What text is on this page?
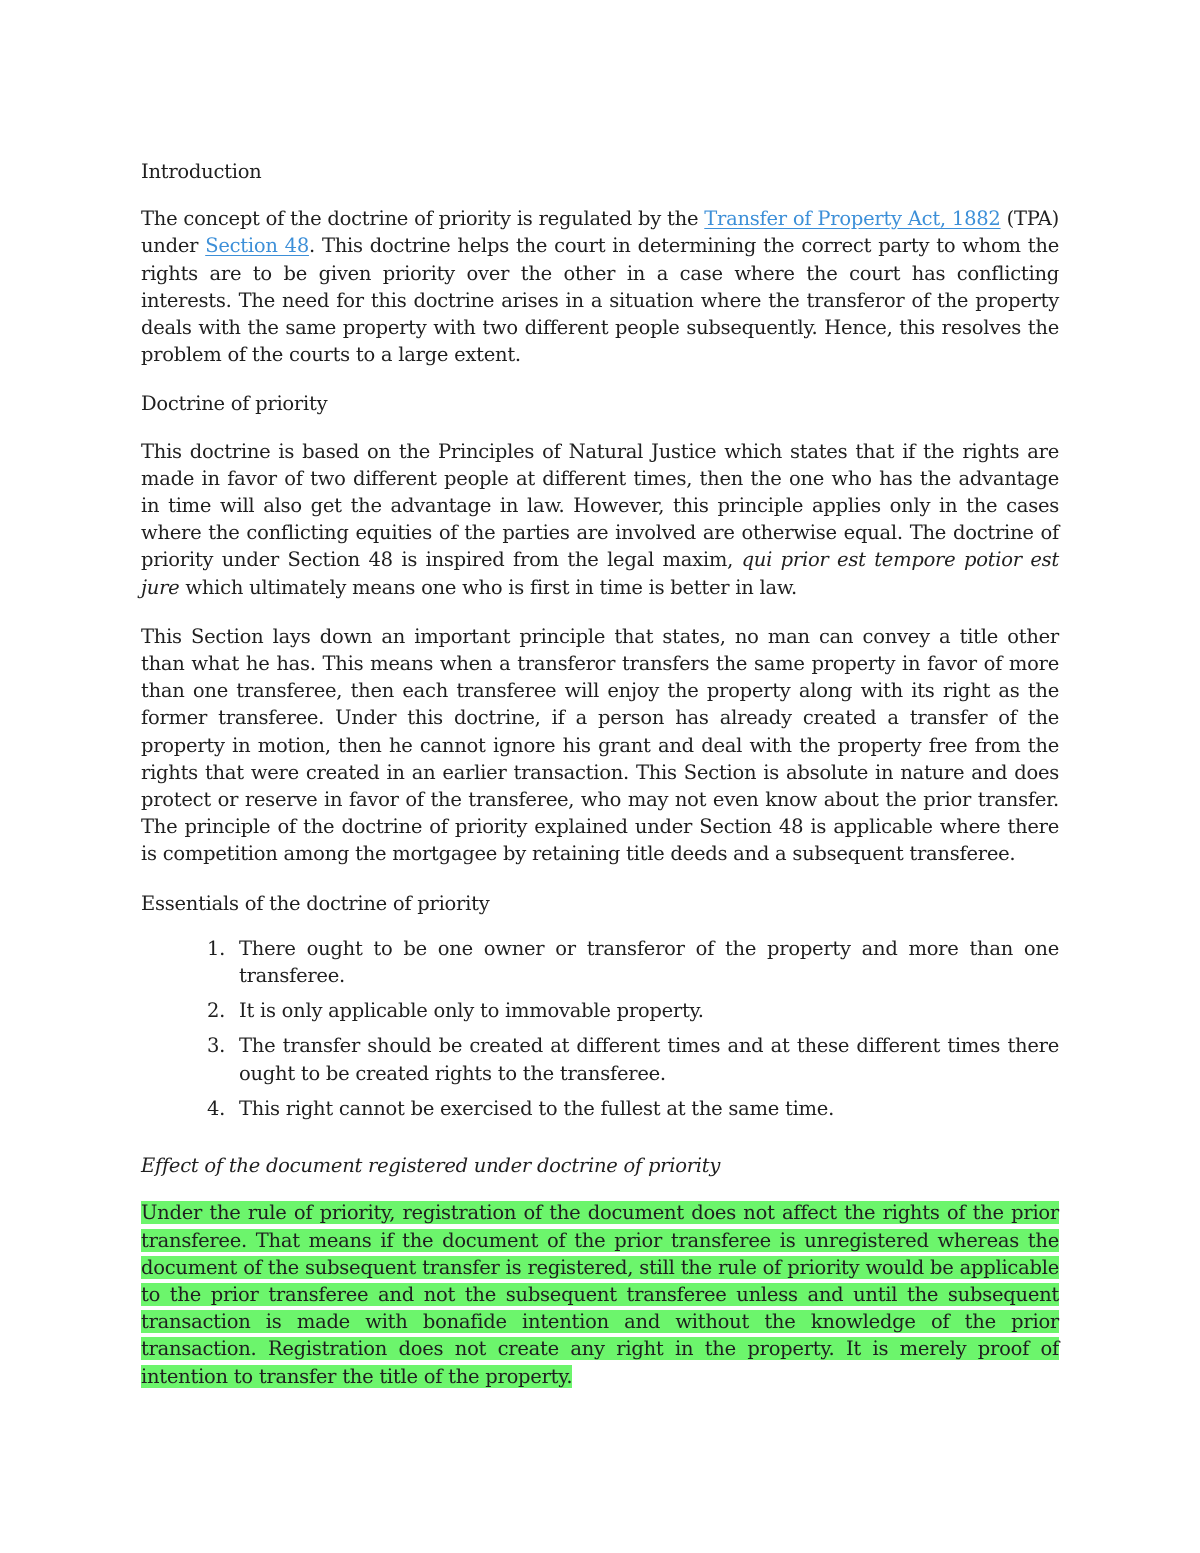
Introduction

The concept of the doctrine of priority is regulated by the Transfer of Property Act, 1882 (TPA) under Section 48. This doctrine helps the court in determining the correct party to whom the rights are to be given priority over the other in a case where the court has conflicting interests. The need for this doctrine arises in a situation where the transferor of the property deals with the same property with two different people subsequently. Hence, this resolves the problem of the courts to a large extent.

Doctrine of priority

This doctrine is based on the Principles of Natural Justice which states that if the rights are made in favor of two different people at different times, then the one who has the advantage in time will also get the advantage in law. However, this principle applies only in the cases where the conflicting equities of the parties are involved are otherwise equal. The doctrine of priority under Section 48 is inspired from the legal maxim, qui prior est tempore potior est jure which ultimately means one who is first in time is better in law.

This Section lays down an important principle that states, no man can convey a title other than what he has. This means when a transferor transfers the same property in favor of more than one transferee, then each transferee will enjoy the property along with its right as the former transferee. Under this doctrine, if a person has already created a transfer of the property in motion, then he cannot ignore his grant and deal with the property free from the rights that were created in an earlier transaction. This Section is absolute in nature and does protect or reserve in favor of the transferee, who may not even know about the prior transfer. The principle of the doctrine of priority explained under Section 48 is applicable where there is competition among the mortgagee by retaining title deeds and a subsequent transferee.

Essentials of the doctrine of priority

1. There ought to be one owner or transferor of the property and more than one transferee.
2. It is only applicable only to immovable property.
3. The transfer should be created at different times and at these different times there ought to be created rights to the transferee.
4. This right cannot be exercised to the fullest at the same time.

Effect of the document registered under doctrine of priority

Under the rule of priority, registration of the document does not affect the rights of the prior transferee. That means if the document of the prior transferee is unregistered whereas the document of the subsequent transfer is registered, still the rule of priority would be applicable to the prior transferee and not the subsequent transferee unless and until the subsequent transaction is made with bonafide intention and without the knowledge of the prior transaction. Registration does not create any right in the property. It is merely proof of intention to transfer the title of the property.
